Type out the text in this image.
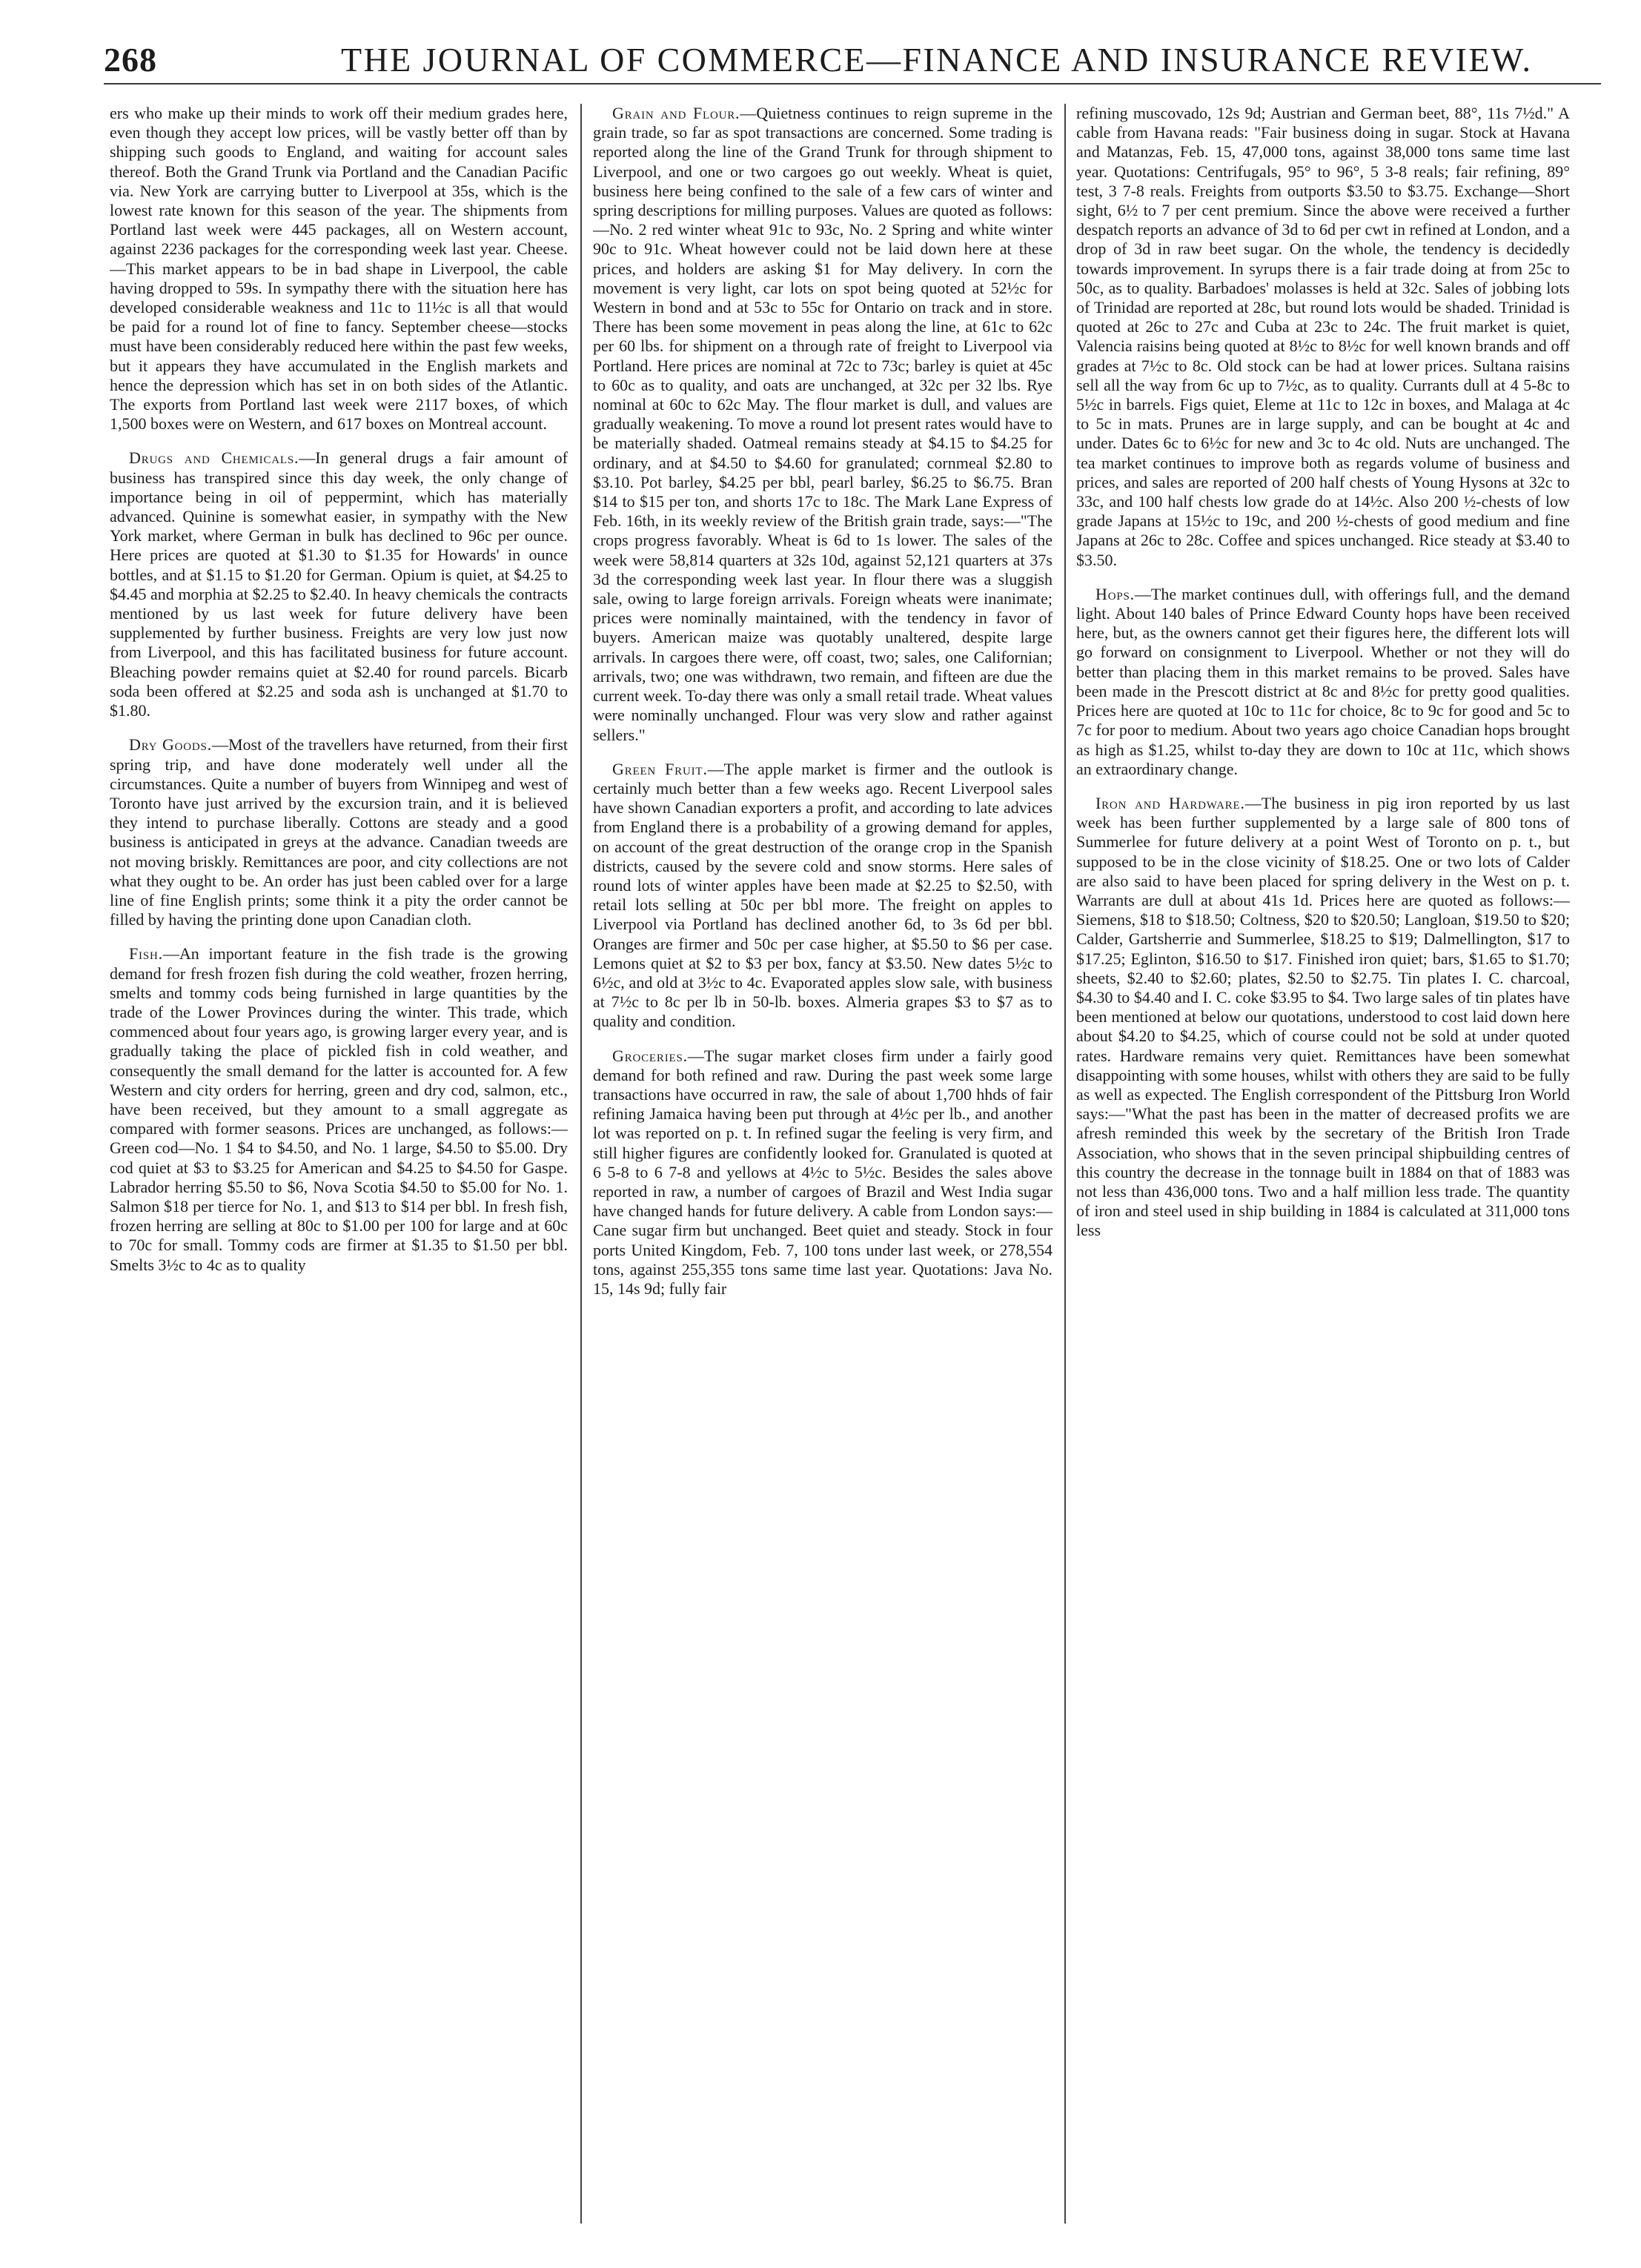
268	THE JOURNAL OF COMMERCE—FINANCE AND INSURANCE REVIEW.

ers who make up their minds to work off their medium grades here, even though they accept low prices, will be vastly better off than by shipping such goods to England, and waiting for account sales thereof. Both the Grand Trunk via Portland and the Canadian Pacific via. New York are carrying butter to Liverpool at 35s, which is the lowest rate known for this season of the year. The shipments from Portland last week were 445 packages, all on Western account, against 2236 packages for the corresponding week last year. Cheese.—This market appears to be in bad shape in Liverpool, the cable having dropped to 59s. In sympathy there with the situation here has developed considerable weakness and 11c to 11½c is all that would be paid for a round lot of fine to fancy. September cheese—stocks must have been considerably reduced here within the past few weeks, but it appears they have accumulated in the English markets and hence the depression which has set in on both sides of the Atlantic. The exports from Portland last week were 2117 boxes, of which 1,500 boxes were on Western, and 617 boxes on Montreal account.

Drugs and Chemicals.—In general drugs a fair amount of business has transpired since this day week, the only change of importance being in oil of peppermint, which has materially advanced. Quinine is somewhat easier, in sympathy with the New York market, where German in bulk has declined to 96c per ounce. Here prices are quoted at $1.30 to $1.35 for Howards' in ounce bottles, and at $1.15 to $1.20 for German. Opium is quiet, at $4.25 to $4.45 and morphia at $2.25 to $2.40. In heavy chemicals the contracts mentioned by us last week for future delivery have been supplemented by further business. Freights are very low just now from Liverpool, and this has facilitated business for future account. Bleaching powder remains quiet at $2.40 for round parcels. Bicarb soda been offered at $2.25 and soda ash is unchanged at $1.70 to $1.80.

Dry Goods.—Most of the travellers have returned, from their first spring trip, and have done moderately well under all the circumstances. Quite a number of buyers from Winnipeg and west of Toronto have just arrived by the excursion train, and it is believed they intend to purchase liberally. Cottons are steady and a good business is anticipated in greys at the advance. Canadian tweeds are not moving briskly. Remittances are poor, and city collections are not what they ought to be. An order has just been cabled over for a large line of fine English prints; some think it a pity the order cannot be filled by having the printing done upon Canadian cloth.

Fish.—An important feature in the fish trade is the growing demand for fresh frozen fish during the cold weather, frozen herring, smelts and tommy cods being furnished in large quantities by the trade of the Lower Provinces during the winter. This trade, which commenced about four years ago, is growing larger every year, and is gradually taking the place of pickled fish in cold weather, and consequently the small demand for the latter is accounted for. A few Western and city orders for herring, green and dry cod, salmon, etc., have been received, but they amount to a small aggregate as compared with former seasons. Prices are unchanged, as follows:—Green cod—No. 1 $4 to $4.50, and No. 1 large, $4.50 to $5.00. Dry cod quiet at $3 to $3.25 for American and $4.25 to $4.50 for Gaspe. Labrador herring $5.50 to $6, Nova Scotia $4.50 to $5.00 for No. 1. Salmon $18 per tierce for No. 1, and $13 to $14 per bbl. In fresh fish, frozen herring are selling at 80c to $1.00 per 100 for large and at 60c to 70c for small. Tommy cods are firmer at $1.35 to $1.50 per bbl. Smelts 3½c to 4c as to quality

Grain and Flour.—Quietness continues to reign supreme in the grain trade, so far as spot transactions are concerned. Some trading is reported along the line of the Grand Trunk for through shipment to Liverpool, and one or two cargoes go out weekly. Wheat is quiet, business here being confined to the sale of a few cars of winter and spring descriptions for milling purposes. Values are quoted as follows:—No. 2 red winter wheat 91c to 93c, No. 2 Spring and white winter 90c to 91c. Wheat however could not be laid down here at these prices, and holders are asking $1 for May delivery. In corn the movement is very light, car lots on spot being quoted at 52½c for Western in bond and at 53c to 55c for Ontario on track and in store. There has been some movement in peas along the line, at 61c to 62c per 60 lbs. for shipment on a through rate of freight to Liverpool via Portland. Here prices are nominal at 72c to 73c; barley is quiet at 45c to 60c as to quality, and oats are unchanged, at 32c per 32 lbs. Rye nominal at 60c to 62c May. The flour market is dull, and values are gradually weakening. To move a round lot present rates would have to be materially shaded. Oatmeal remains steady at $4.15 to $4.25 for ordinary, and at $4.50 to $4.60 for granulated; cornmeal $2.80 to $3.10. Pot barley, $4.25 per bbl, pearl barley, $6.25 to $6.75. Bran $14 to $15 per ton, and shorts 17c to 18c. The Mark Lane Express of Feb. 16th, in its weekly review of the British grain trade, says:—"The crops progress favorably. Wheat is 6d to 1s lower. The sales of the week were 58,814 quarters at 32s 10d, against 52,121 quarters at 37s 3d the corresponding week last year. In flour there was a sluggish sale, owing to large foreign arrivals. Foreign wheats were inanimate; prices were nominally maintained, with the tendency in favor of buyers. American maize was quotably unaltered, despite large arrivals. In cargoes there were, off coast, two; sales, one Californian; arrivals, two; one was withdrawn, two remain, and fifteen are due the current week. To-day there was only a small retail trade. Wheat values were nominally unchanged. Flour was very slow and rather against sellers."

Green Fruit.—The apple market is firmer and the outlook is certainly much better than a few weeks ago. Recent Liverpool sales have shown Canadian exporters a profit, and according to late advices from England there is a probability of a growing demand for apples, on account of the great destruction of the orange crop in the Spanish districts, caused by the severe cold and snow storms. Here sales of round lots of winter apples have been made at $2.25 to $2.50, with retail lots selling at 50c per bbl more. The freight on apples to Liverpool via Portland has declined another 6d, to 3s 6d per bbl. Oranges are firmer and 50c per case higher, at $5.50 to $6 per case. Lemons quiet at $2 to $3 per box, fancy at $3.50. New dates 5½c to 6½c, and old at 3½c to 4c. Evaporated apples slow sale, with business at 7½c to 8c per lb in 50-lb. boxes. Almeria grapes $3 to $7 as to quality and condition.

Groceries.—The sugar market closes firm under a fairly good demand for both refined and raw. During the past week some large transactions have occurred in raw, the sale of about 1,700 hhds of fair refining Jamaica having been put through at 4½c per lb., and another lot was reported on p. t. In refined sugar the feeling is very firm, and still higher figures are confidently looked for. Granulated is quoted at 6 5-8 to 6 7-8 and yellows at 4½c to 5½c. Besides the sales above reported in raw, a number of cargoes of Brazil and West India sugar have changed hands for future delivery. A cable from London says:—Cane sugar firm but unchanged. Beet quiet and steady. Stock in four ports United Kingdom, Feb. 7, 100 tons under last week, or 278,554 tons, against 255,355 tons same time last year. Quotations: Java No. 15, 14s 9d; fully fair

refining muscovado, 12s 9d; Austrian and German beet, 88°, 11s 7½d." A cable from Havana reads: "Fair business doing in sugar. Stock at Havana and Matanzas, Feb. 15, 47,000 tons, against 38,000 tons same time last year. Quotations: Centrifugals, 95° to 96°, 5 3-8 reals; fair refining, 89° test, 3 7-8 reals. Freights from outports $3.50 to $3.75. Exchange—Short sight, 6½ to 7 per cent premium. Since the above were received a further despatch reports an advance of 3d to 6d per cwt in refined at London, and a drop of 3d in raw beet sugar. On the whole, the tendency is decidedly towards improvement. In syrups there is a fair trade doing at from 25c to 50c, as to quality. Barbadoes' molasses is held at 32c. Sales of jobbing lots of Trinidad are reported at 28c, but round lots would be shaded. Trinidad is quoted at 26c to 27c and Cuba at 23c to 24c. The fruit market is quiet, Valencia raisins being quoted at 8½c to 8½c for well known brands and off grades at 7½c to 8c. Old stock can be had at lower prices. Sultana raisins sell all the way from 6c up to 7½c, as to quality. Currants dull at 4 5-8c to 5½c in barrels. Figs quiet, Eleme at 11c to 12c in boxes, and Malaga at 4c to 5c in mats. Prunes are in large supply, and can be bought at 4c and under. Dates 6c to 6½c for new and 3c to 4c old. Nuts are unchanged. The tea market continues to improve both as regards volume of business and prices, and sales are reported of 200 half chests of Young Hysons at 32c to 33c, and 100 half chests low grade do at 14½c. Also 200 ½-chests of low grade Japans at 15½c to 19c, and 200 ½-chests of good medium and fine Japans at 26c to 28c. Coffee and spices unchanged. Rice steady at $3.40 to $3.50.

Hops.—The market continues dull, with offerings full, and the demand light. About 140 bales of Prince Edward County hops have been received here, but, as the owners cannot get their figures here, the different lots will go forward on consignment to Liverpool. Whether or not they will do better than placing them in this market remains to be proved. Sales have been made in the Prescott district at 8c and 8½c for pretty good qualities. Prices here are quoted at 10c to 11c for choice, 8c to 9c for good and 5c to 7c for poor to medium. About two years ago choice Canadian hops brought as high as $1.25, whilst to-day they are down to 10c at 11c, which shows an extraordinary change.

Iron and Hardware.—The business in pig iron reported by us last week has been further supplemented by a large sale of 800 tons of Summerlee for future delivery at a point West of Toronto on p. t., but supposed to be in the close vicinity of $18.25. One or two lots of Calder are also said to have been placed for spring delivery in the West on p. t. Warrants are dull at about 41s 1d. Prices here are quoted as follows:—Siemens, $18 to $18.50; Coltness, $20 to $20.50; Langloan, $19.50 to $20; Calder, Gartsherrie and Summerlee, $18.25 to $19; Dalmellington, $17 to $17.25; Eglinton, $16.50 to $17. Finished iron quiet; bars, $1.65 to $1.70; sheets, $2.40 to $2.60; plates, $2.50 to $2.75. Tin plates I. C. charcoal, $4.30 to $4.40 and I. C. coke $3.95 to $4. Two large sales of tin plates have been mentioned at below our quotations, understood to cost laid down here about $4.20 to $4.25, which of course could not be sold at under quoted rates. Hardware remains very quiet. Remittances have been somewhat disappointing with some houses, whilst with others they are said to be fully as well as expected. The English correspondent of the Pittsburg Iron World says:—"What the past has been in the matter of decreased profits we are afresh reminded this week by the secretary of the British Iron Trade Association, who shows that in the seven principal shipbuilding centres of this country the decrease in the tonnage built in 1884 on that of 1883 was not less than 436,000 tons. Two and a half million less trade. The quantity of iron and steel used in ship building in 1884 is calculated at 311,000 tons less
